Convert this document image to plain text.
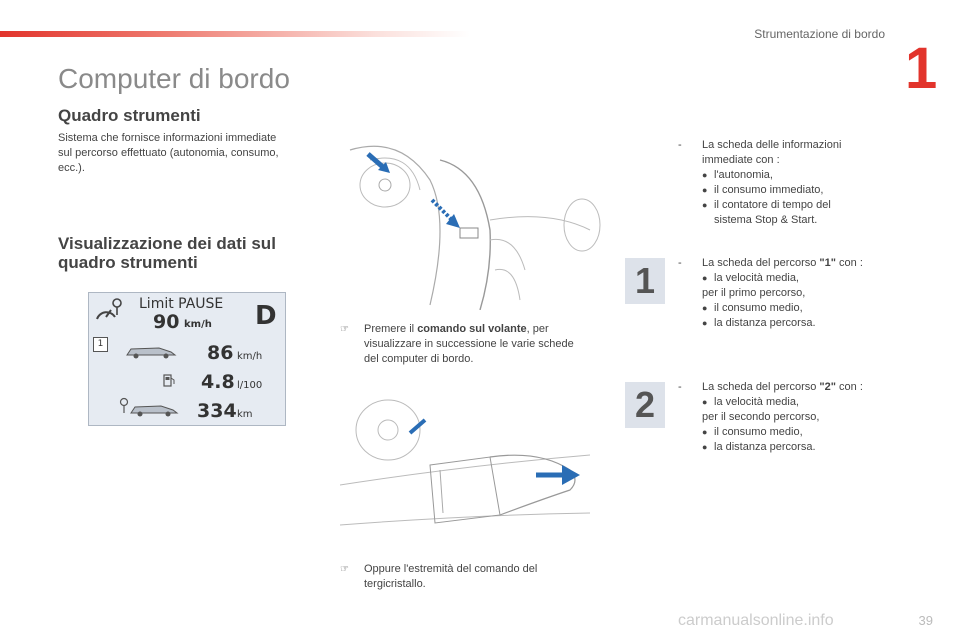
Strumentazione di bordo
1
Computer di bordo
Quadro strumenti
Sistema che fornisce informazioni immediate
sul percorso effettuato (autonomia, consumo,
ecc.).
Visualizzazione dei dati sul
quadro strumenti
Limit PAUSE
90 km/h D
1	86 km/h
4.8 l/100
334 km
☞ Premere il comando sul volante, per
visualizzare in successione le varie schede
del computer di bordo.
☞ Oppure l'estremità del comando del
tergicristallo.
- La scheda delle informazioni
immediate con :
● l'autonomia,
● il consumo immediato,
● il contatore di tempo del
sistema Stop & Start.
1	- La scheda del percorso "1" con :
● la velocità media,
per il primo percorso,
● il consumo medio,
● la distanza percorsa.
2	- La scheda del percorso "2" con :
● la velocità media,
per il secondo percorso,
● il consumo medio,
● la distanza percorsa.
carmanualsonline.info	39
